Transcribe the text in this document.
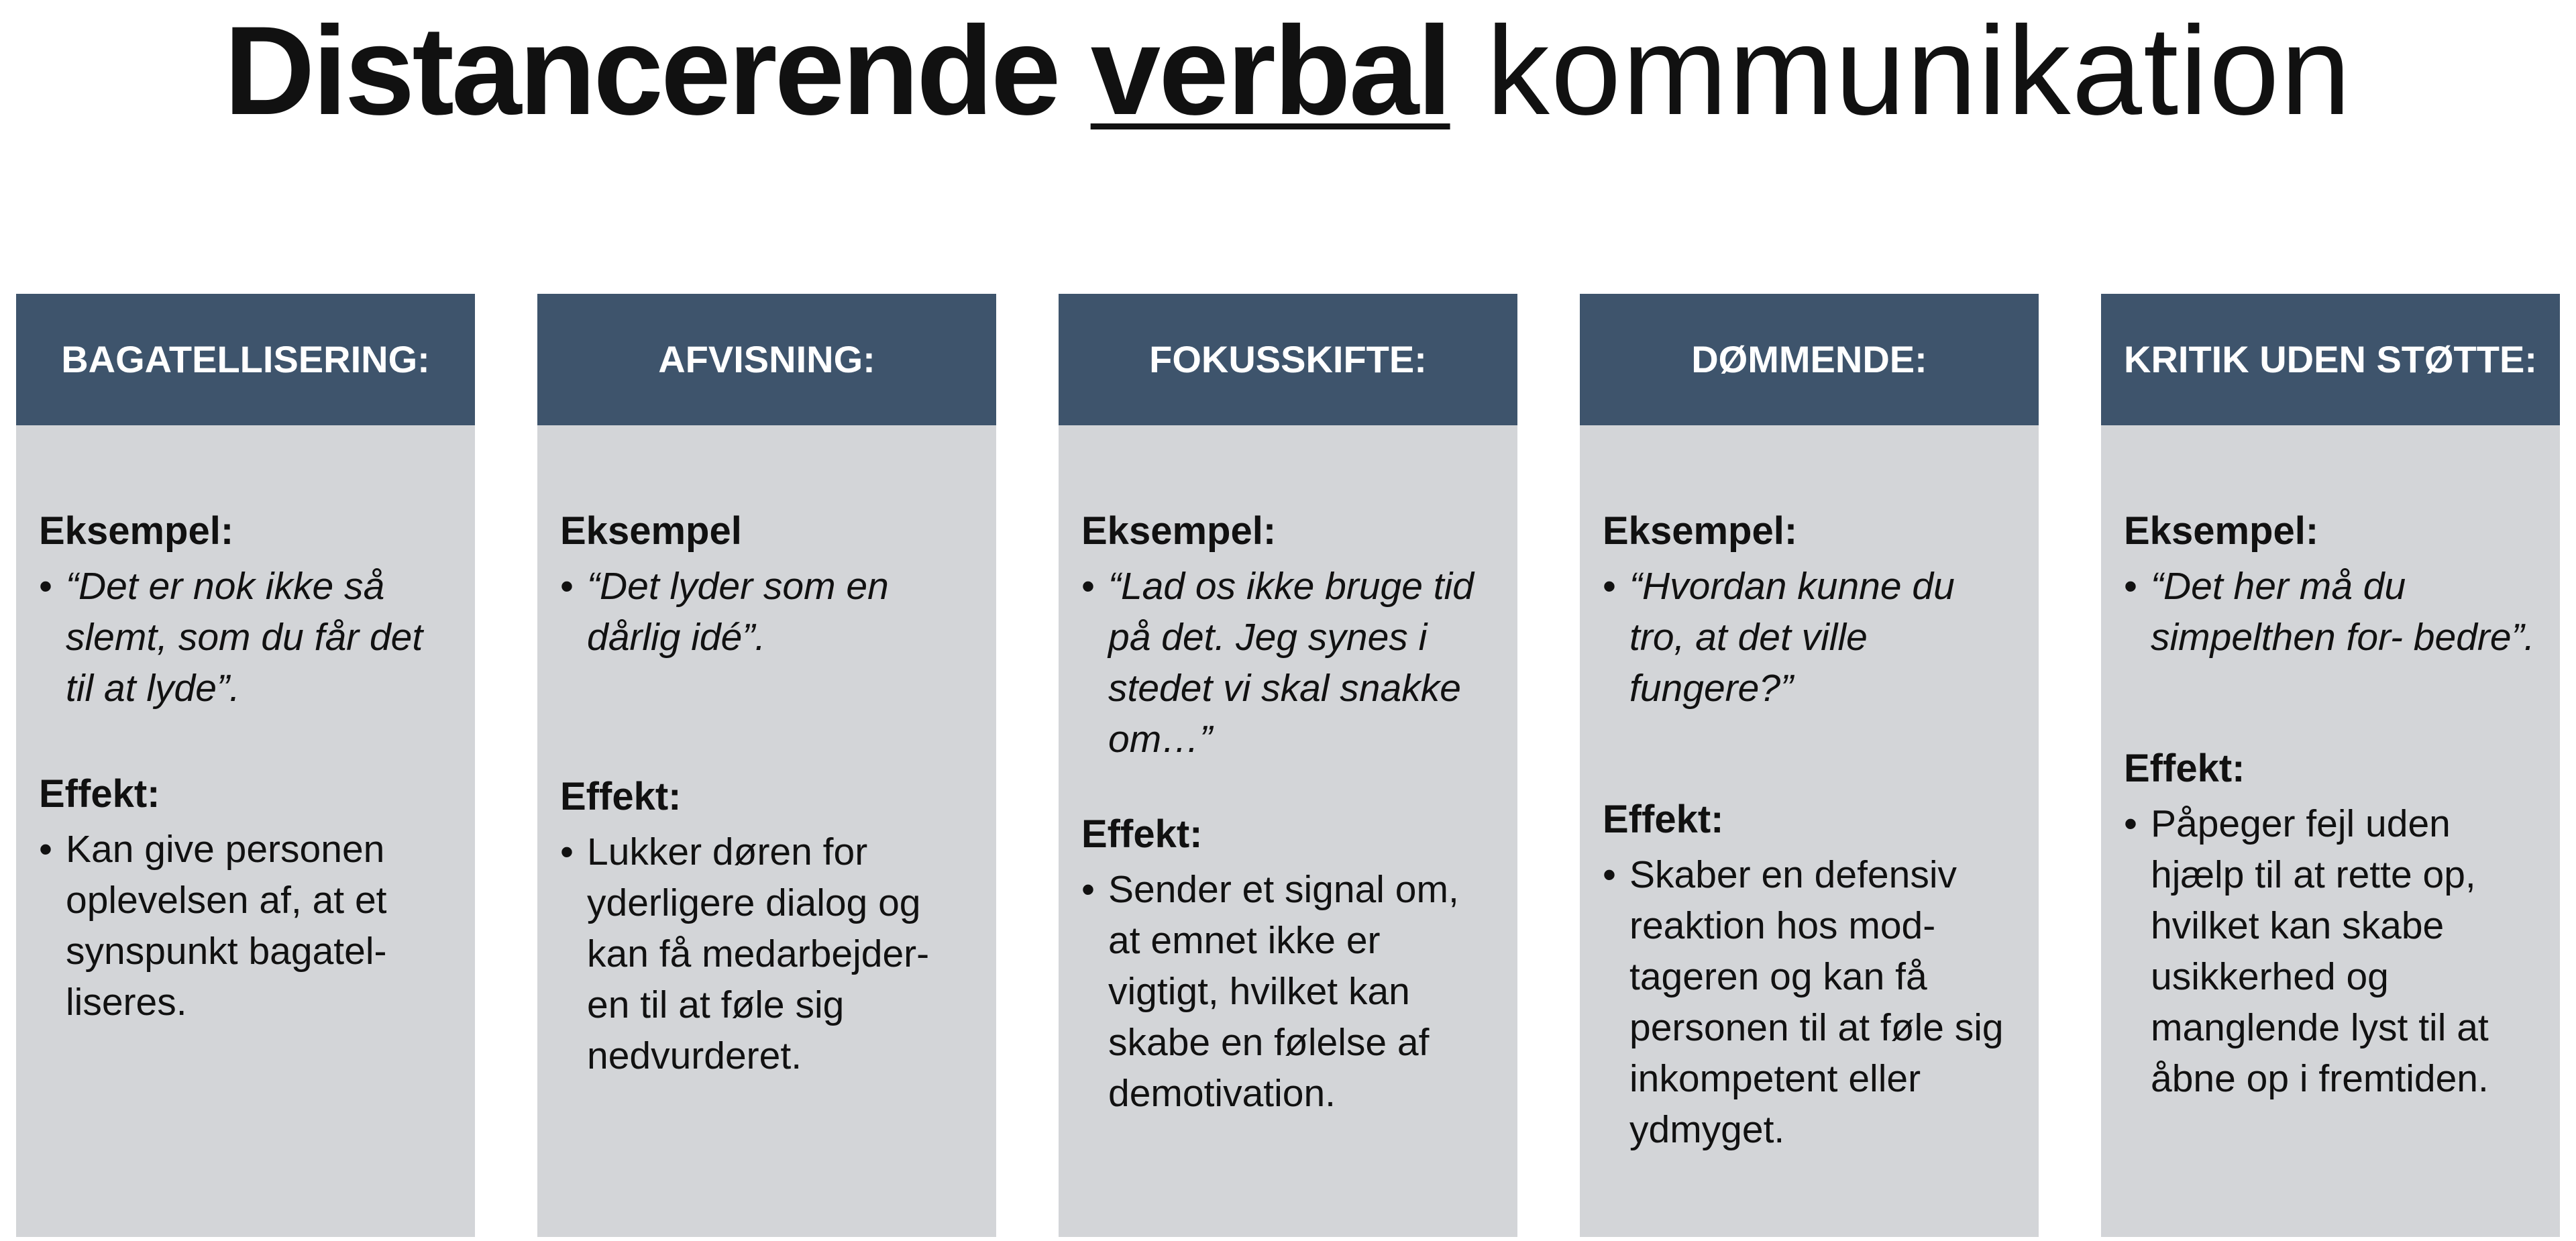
Distancerende verbal kommunikation
BAGATELLISERING:

Eksempel:

• “Det er nok ikke så slemt, som du får det til at lyde”.

Effekt:

• Kan give personen oplevelsen af, at et synspunkt bagatel- liseres.
AFVISNING:

Eksempel

• “Det lyder som en dårlig idé”.

Effekt:

• Lukker døren for yderligere dialog og kan få medarbejder- en til at føle sig nedvurderet.
FOKUSSKIFTE:

Eksempel:

• “Lad os ikke bruge tid på det. Jeg synes i stedet vi skal snakke om…”

Effekt:

• Sender et signal om, at emnet ikke er vigtigt, hvilket kan skabe en følelse af demotivation.
DØMMENDE:

Eksempel:

• “Hvordan kunne du tro, at det ville fungere?”

Effekt:

• Skaber en defensiv reaktion hos mod- tageren og kan få personen til at føle sig inkompetent eller ydmyget.
KRITIK UDEN STØTTE:

Eksempel:

• “Det her må du simpelthen for- bedre”.

Effekt:

• Påpeger fejl uden hjælp til at rette op, hvilket kan skabe usikkerhed og manglende lyst til at åbne op i fremtiden.
